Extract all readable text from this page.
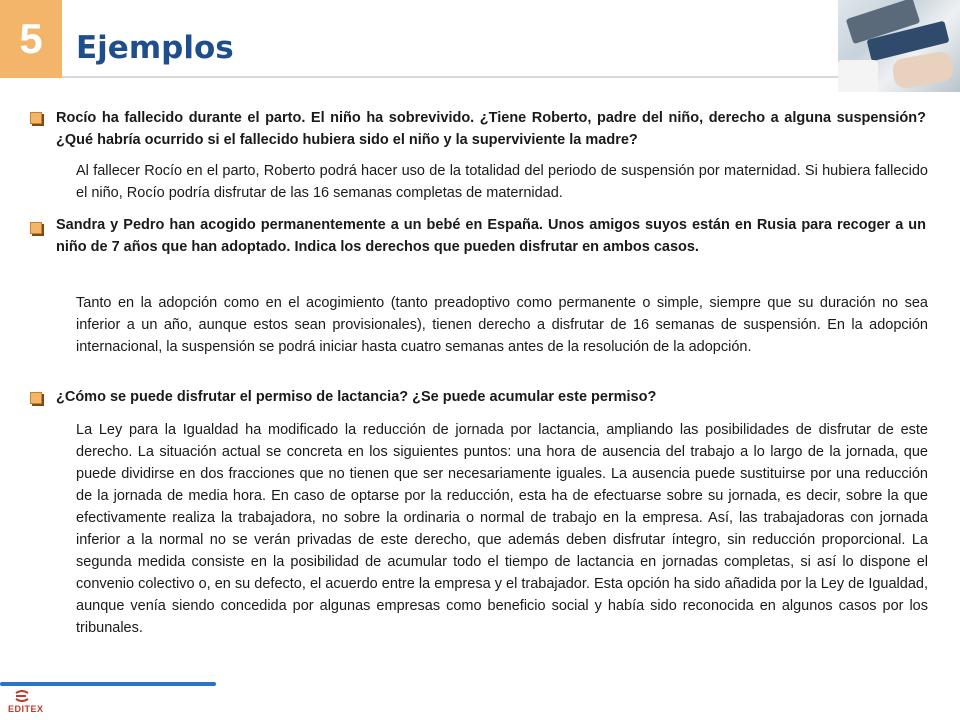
5	Ejemplos
Rocío ha fallecido durante el parto. El niño ha sobrevivido. ¿Tiene Roberto, padre del niño, derecho a alguna suspensión? ¿Qué habría ocurrido si el fallecido hubiera sido el niño y la superviviente la madre?
Al fallecer Rocío en el parto, Roberto podrá hacer uso de la totalidad del periodo de suspensión por maternidad. Si hubiera fallecido el niño, Rocío podría disfrutar de las 16 semanas completas de maternidad.
Sandra y Pedro han acogido permanentemente a un bebé en España. Unos amigos suyos están en Rusia para recoger a un niño de 7 años que han adoptado. Indica los derechos que pueden disfrutar en ambos casos.
Tanto en la adopción como en el acogimiento (tanto preadoptivo como permanente o simple, siempre que su duración no sea inferior a un año, aunque estos sean provisionales), tienen derecho a disfrutar de 16 semanas de suspensión. En la adopción internacional, la suspensión se podrá iniciar hasta cuatro semanas antes de la resolución de la adopción.
¿Cómo se puede disfrutar el permiso de lactancia? ¿Se puede acumular este permiso?
La Ley para la Igualdad ha modificado la reducción de jornada por lactancia, ampliando las posibilidades de disfrutar de este derecho. La situación actual se concreta en los siguientes puntos: una hora de ausencia del trabajo a lo largo de la jornada, que puede dividirse en dos fracciones que no tienen que ser necesariamente iguales. La ausencia puede sustituirse por una reducción de la jornada de media hora. En caso de optarse por la reducción, esta ha de efectuarse sobre su jornada, es decir, sobre la que efectivamente realiza la trabajadora, no sobre la ordinaria o normal de trabajo en la empresa. Así, las trabajadoras con jornada inferior a la normal no se verán privadas de este derecho, que además deben disfrutar íntegro, sin reducción proporcional. La segunda medida consiste en la posibilidad de acumular todo el tiempo de lactancia en jornadas completas, si así lo dispone el convenio colectivo o, en su defecto, el acuerdo entre la empresa y el trabajador. Esta opción ha sido añadida por la Ley de Igualdad, aunque venía siendo concedida por algunas empresas como beneficio social y había sido reconocida en algunos casos por los tribunales.
EDITEX
